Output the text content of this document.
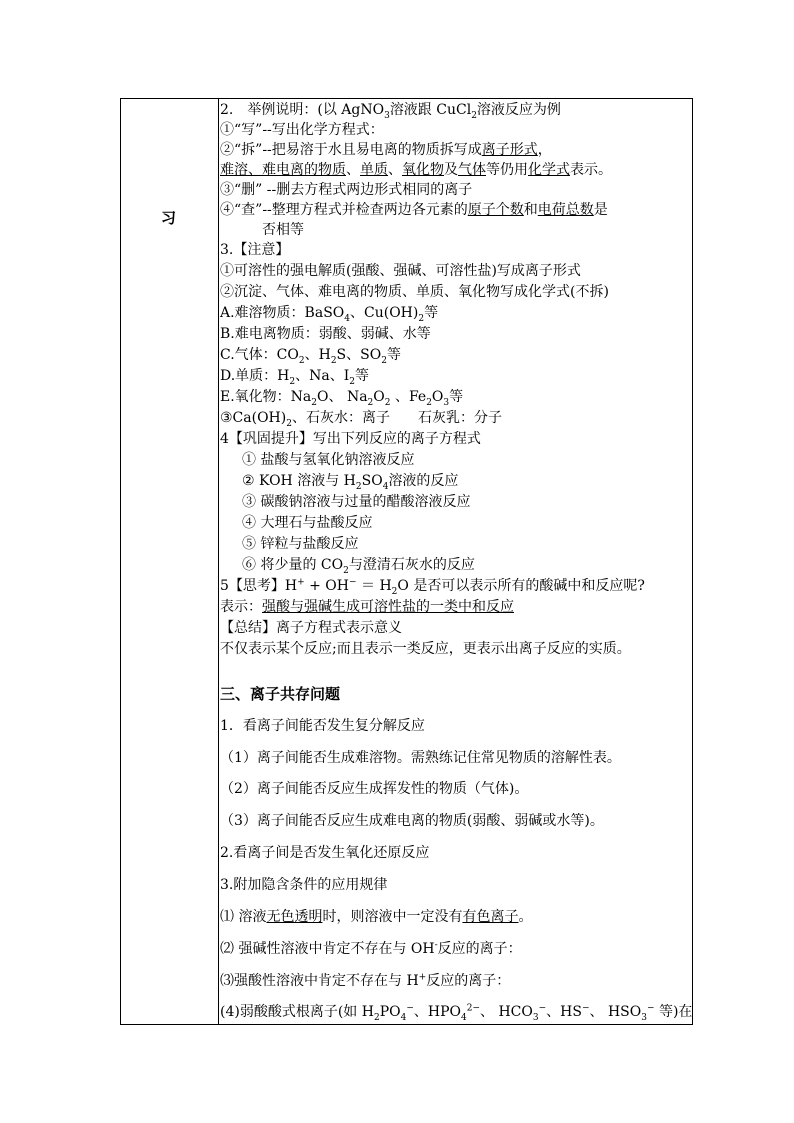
习
2.　举例说明：(以 AgNO$_3$溶液跟 CuCl$_2$溶液反应为例
①“写”--写出化学方程式：
②“拆”--把易溶于水且易电离的物质拆写成离子形式，
难溶、难电离的物质、单质、氧化物及气体等仍用化学式表示。
③“删” --删去方程式两边形式相同的离子
④“查”--整理方程式并检查两边各元素的原子个数和电荷总数是
否相等
3.【注意】
①可溶性的强电解质(强酸、强碱、可溶性盐)写成离子形式
②沉淀、气体、难电离的物质、单质、氧化物写成化学式(不拆)
A.难溶物质：BaSO$_4$、$Cu(OH)_2$等
B.难电离物质：弱酸、弱碱、水等
C.气体：$CO_2$、$H_2S$、$SO_2$等
D.单质：$H_2$、Na、$I_2$等
E.氧化物：$Na_2O$、 $Na_2O_2$ 、$Fe_2O_3$等
$③Ca(OH)_2$、石灰水：离子　　石灰乳：分子
4【巩固提升】写出下列反应的离子方程式
① 盐酸与氢氧化钠溶液反应
② KOH 溶液与 $H_2SO_4$溶液的反应
③ 碳酸钠溶液与过量的醋酸溶液反应
④ 大理石与盐酸反应
⑤ 锌粒与盐酸反应
⑥ 将少量的 $CO_2$与澄清石灰水的反应
5【思考】$H^+ + OH^- = H_2O$ 是否可以表示所有的酸碱中和反应呢?
表示：强酸与强碱生成可溶性盐的一类中和反应
【总结】离子方程式表示意义
不仅表示某个反应;而且表示一类反应，更表示出离子反应的实质。
三、离子共存问题
1．看离子间能否发生复分解反应
（1）离子间能否生成难溶物。需熟练记住常见物质的溶解性表。
（2）离子间能否反应生成挥发性的物质（气体)。
（3）离子间能否反应生成难电离的物质(弱酸、弱碱或水等)。
2.看离子间是否发生氧化还原反应
3.附加隐含条件的应用规律
⑴ 溶液无色透明时，则溶液中一定没有有色离子。
⑵ 强碱性溶液中肯定不存在与 OH-反应的离子：
⑶强酸性溶液中肯定不存在与 H+反应的离子：
(4)弱酸酸式根离子(如 $H_2PO_4^-$、$HPO_4^{2-}$、 $HCO_3^-$、HS−、 $HSO_3^-$ 等)在
